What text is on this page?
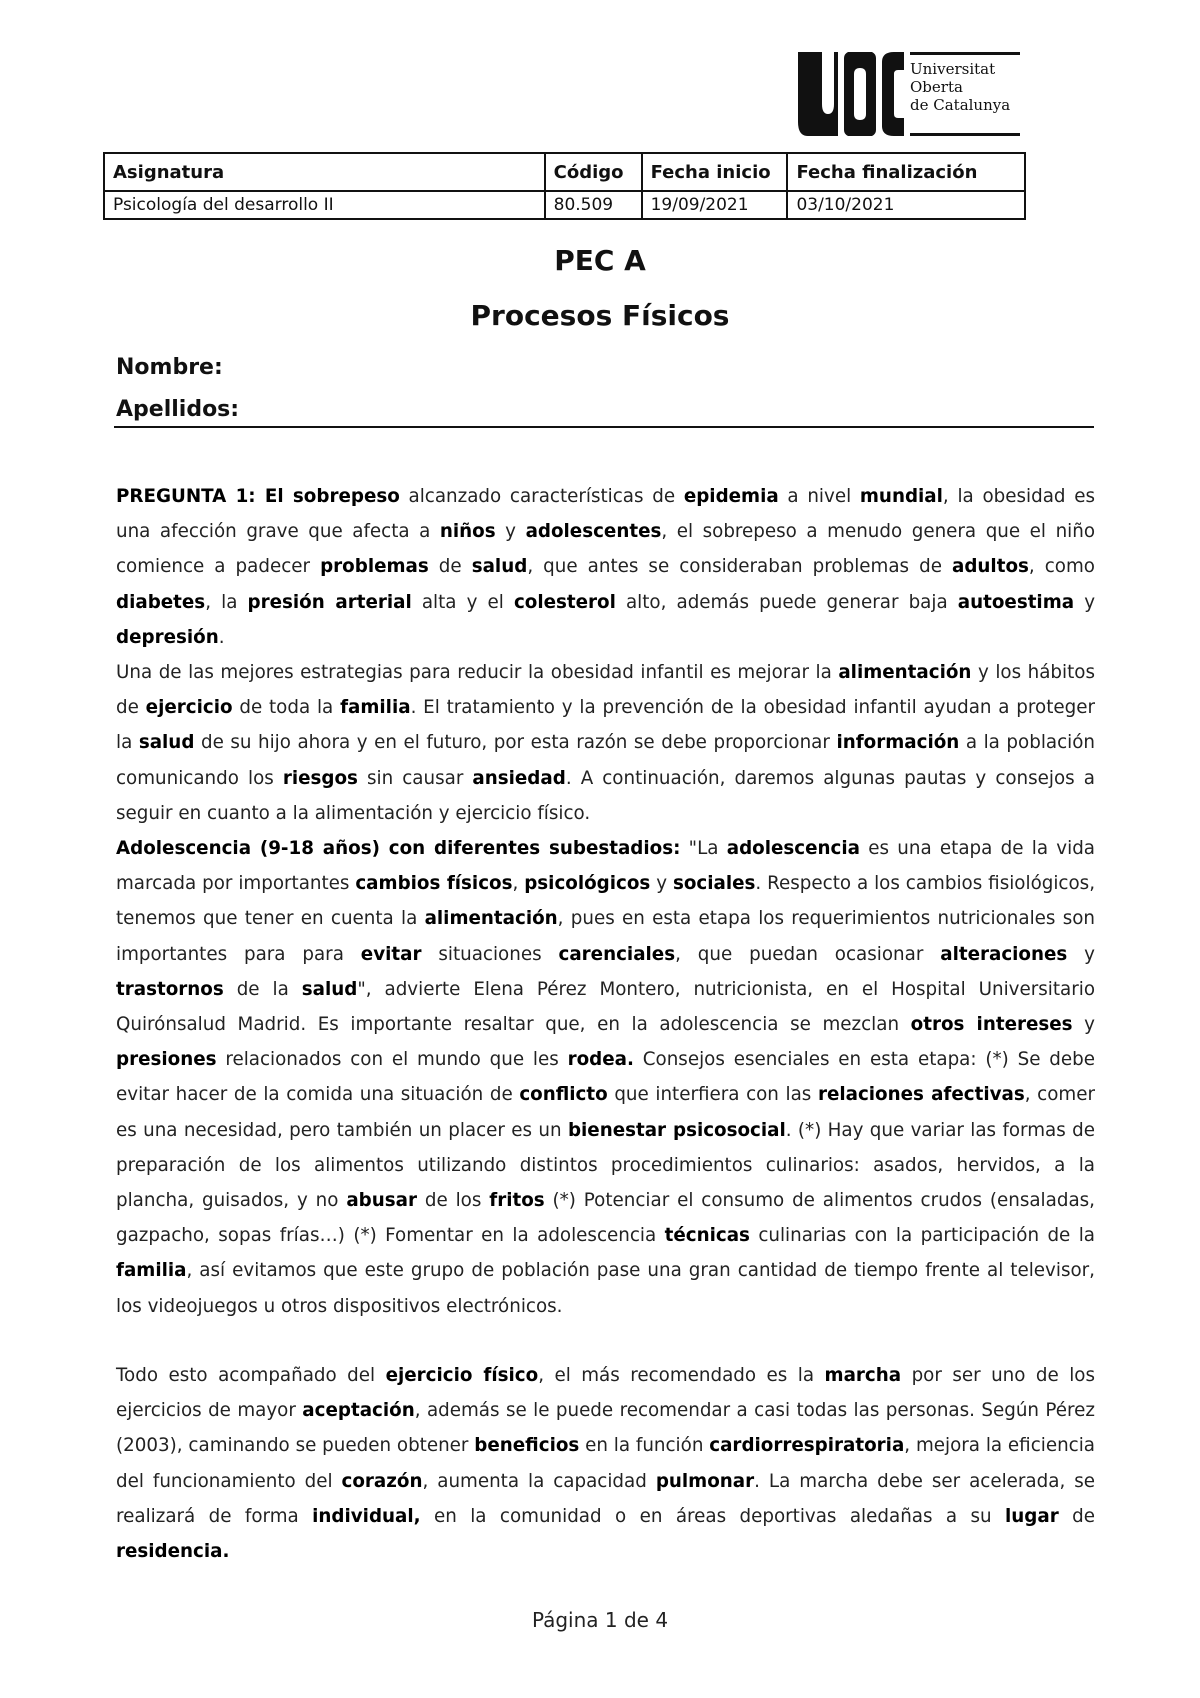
Universitat
Oberta
de Catalunya
Asignatura	Código	Fecha inicio	Fecha finalización
Psicología del desarrollo II	80.509	19/09/2021	03/10/2021
PEC A
Procesos Físicos
Nombre:
Apellidos:
PREGUNTA 1: El sobrepeso alcanzado características de epidemia a nivel mundial, la obesidad es una afección grave que afecta a niños y adolescentes, el sobrepeso a menudo genera que el niño comience a padecer problemas de salud, que antes se consideraban problemas de adultos, como diabetes, la presión arterial alta y el colesterol alto, además puede generar baja autoestima y depresión.
Una de las mejores estrategias para reducir la obesidad infantil es mejorar la alimentación y los hábitos de ejercicio de toda la familia. El tratamiento y la prevención de la obesidad infantil ayudan a proteger la salud de su hijo ahora y en el futuro, por esta razón se debe proporcionar información a la población comunicando los riesgos sin causar ansiedad. A continuación, daremos algunas pautas y consejos a seguir en cuanto a la alimentación y ejercicio físico.
Adolescencia (9-18 años) con diferentes subestadios: "La adolescencia es una etapa de la vida marcada por importantes cambios físicos, psicológicos y sociales. Respecto a los cambios fisiológicos, tenemos que tener en cuenta la alimentación, pues en esta etapa los requerimientos nutricionales son importantes para para evitar situaciones carenciales, que puedan ocasionar alteraciones y trastornos de la salud", advierte Elena Pérez Montero, nutricionista, en el Hospital Universitario Quirónsalud Madrid. Es importante resaltar que, en la adolescencia se mezclan otros intereses y presiones relacionados con el mundo que les rodea. Consejos esenciales en esta etapa: (*) Se debe evitar hacer de la comida una situación de conflicto que interfiera con las relaciones afectivas, comer es una necesidad, pero también un placer es un bienestar psicosocial. (*) Hay que variar las formas de preparación de los alimentos utilizando distintos procedimientos culinarios: asados, hervidos, a la plancha, guisados, y no abusar de los fritos (*) Potenciar el consumo de alimentos crudos (ensaladas, gazpacho, sopas frías…) (*) Fomentar en la adolescencia técnicas culinarias con la participación de la familia, así evitamos que este grupo de población pase una gran cantidad de tiempo frente al televisor, los videojuegos u otros dispositivos electrónicos.
Todo esto acompañado del ejercicio físico, el más recomendado es la marcha por ser uno de los ejercicios de mayor aceptación, además se le puede recomendar a casi todas las personas. Según Pérez (2003), caminando se pueden obtener beneficios en la función cardiorrespiratoria, mejora la eficiencia del funcionamiento del corazón, aumenta la capacidad pulmonar. La marcha debe ser acelerada, se realizará de forma individual, en la comunidad o en áreas deportivas aledañas a su lugar de residencia.
Página 1 de 4
